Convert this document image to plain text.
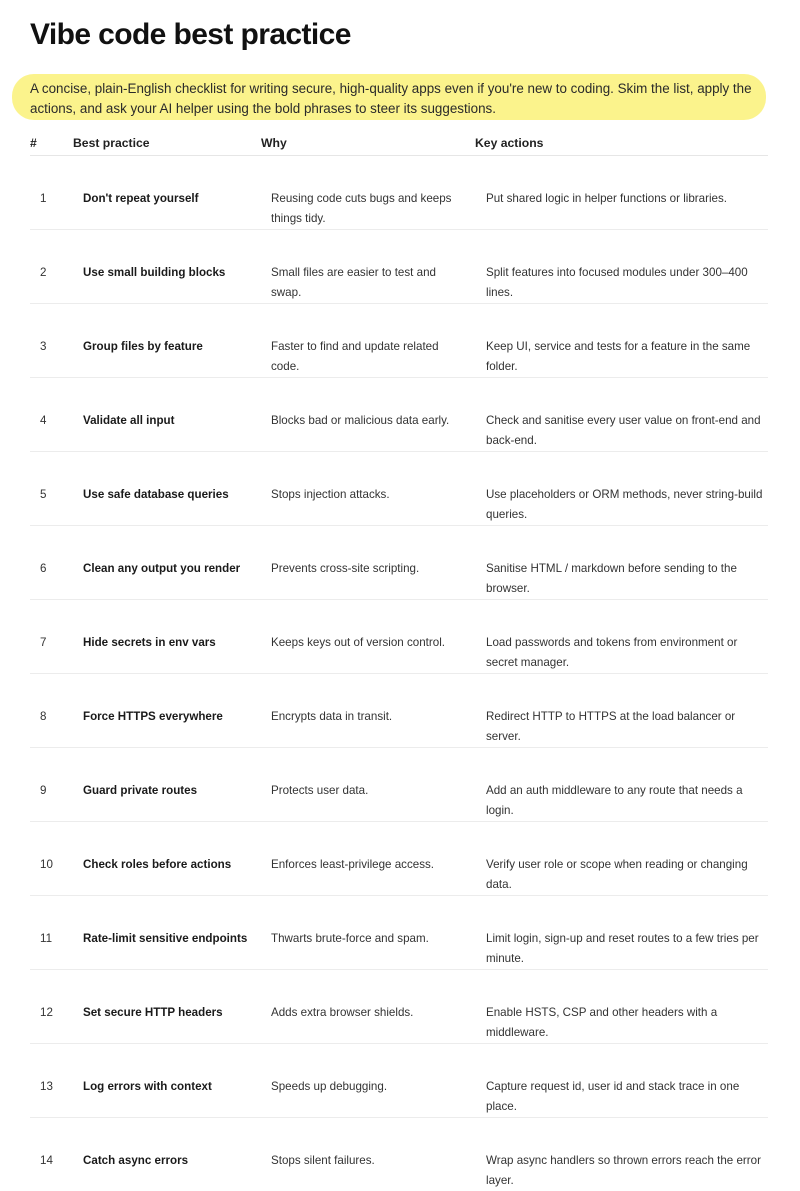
Vibe code best practice

A concise, plain-English checklist for writing secure, high-quality apps even if you're new to coding. Skim the list, apply the actions, and ask your AI helper using the bold phrases to steer its suggestions.

#	Best practice	Why	Key actions

1	Don't repeat yourself	Reusing code cuts bugs and keeps things tidy.	Put shared logic in helper functions or libraries.

2	Use small building blocks	Small files are easier to test and swap.	Split features into focused modules under 300–400 lines.

3	Group files by feature	Faster to find and update related code.	Keep UI, service and tests for a feature in the same folder.

4	Validate all input	Blocks bad or malicious data early.	Check and sanitise every user value on front-end and back-end.

5	Use safe database queries	Stops injection attacks.	Use placeholders or ORM methods, never string-build queries.

6	Clean any output you render	Prevents cross-site scripting.	Sanitise HTML / markdown before sending to the browser.

7	Hide secrets in env vars	Keeps keys out of version control.	Load passwords and tokens from environment or secret manager.

8	Force HTTPS everywhere	Encrypts data in transit.	Redirect HTTP to HTTPS at the load balancer or server.

9	Guard private routes	Protects user data.	Add an auth middleware to any route that needs a login.

10	Check roles before actions	Enforces least-privilege access.	Verify user role or scope when reading or changing data.

11	Rate-limit sensitive endpoints	Thwarts brute-force and spam.	Limit login, sign-up and reset routes to a few tries per minute.

12	Set secure HTTP headers	Adds extra browser shields.	Enable HSTS, CSP and other headers with a middleware.

13	Log errors with context	Speeds up debugging.	Capture request id, user id and stack trace in one place.

14	Catch async errors	Stops silent failures.	Wrap async handlers so thrown errors reach the error layer.
